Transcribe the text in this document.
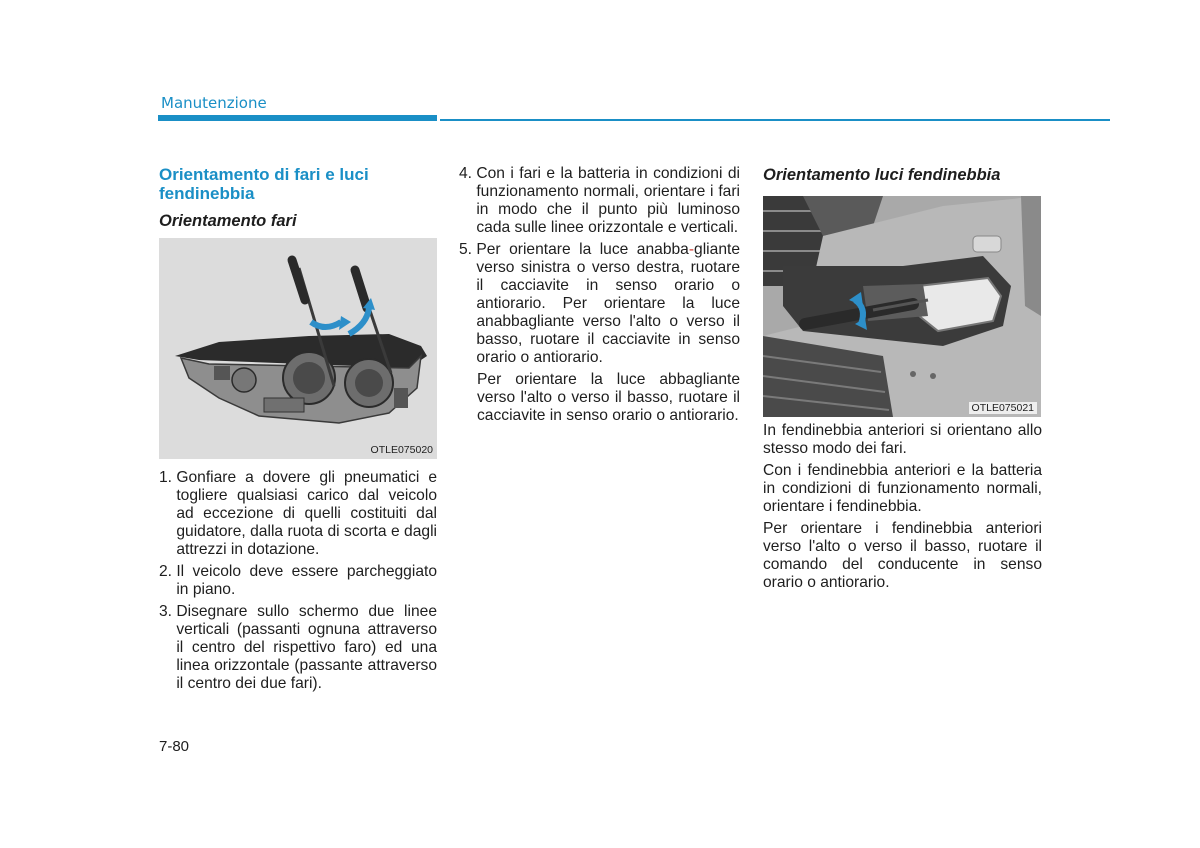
Manutenzione
Orientamento di fari e luci
fendinebbia
Orientamento fari
OTLE075020
1. Gonfiare a dovere gli pneumatici e togliere qualsiasi carico dal veicolo ad eccezione di quelli costituiti dal guidatore, dalla ruota di scorta e dagli attrezzi in dotazione.
2. Il veicolo deve essere parcheggiato in piano.
3. Disegnare sullo schermo due linee verticali (passanti ognuna attraverso il centro del rispettivo faro) ed una linea orizzontale (passante attraverso il centro dei due fari).
4. Con i fari e la batteria in condizioni di funzionamento normali, orientare i fari in modo che il punto più luminoso cada sulle linee orizzontale e verticali.
5. Per orientare la luce anabba-gliante verso sinistra o verso destra, ruotare il cacciavite in senso orario o antiorario. Per orientare la luce anabbagliante verso l'alto o verso il basso, ruotare il cacciavite in senso orario o antiorario.
Per orientare la luce abbagliante verso l'alto o verso il basso, ruotare il cacciavite in senso orario o antiorario.
Orientamento luci fendinebbia
OTLE075021
In fendinebbia anteriori si orientano allo stesso modo dei fari.
Con i fendinebbia anteriori e la batteria in condizioni di funzionamento normali, orientare i fendinebbia.
Per orientare i fendinebbia anteriori verso l'alto o verso il basso, ruotare il comando del conducente in senso orario o antiorario.
7-80
